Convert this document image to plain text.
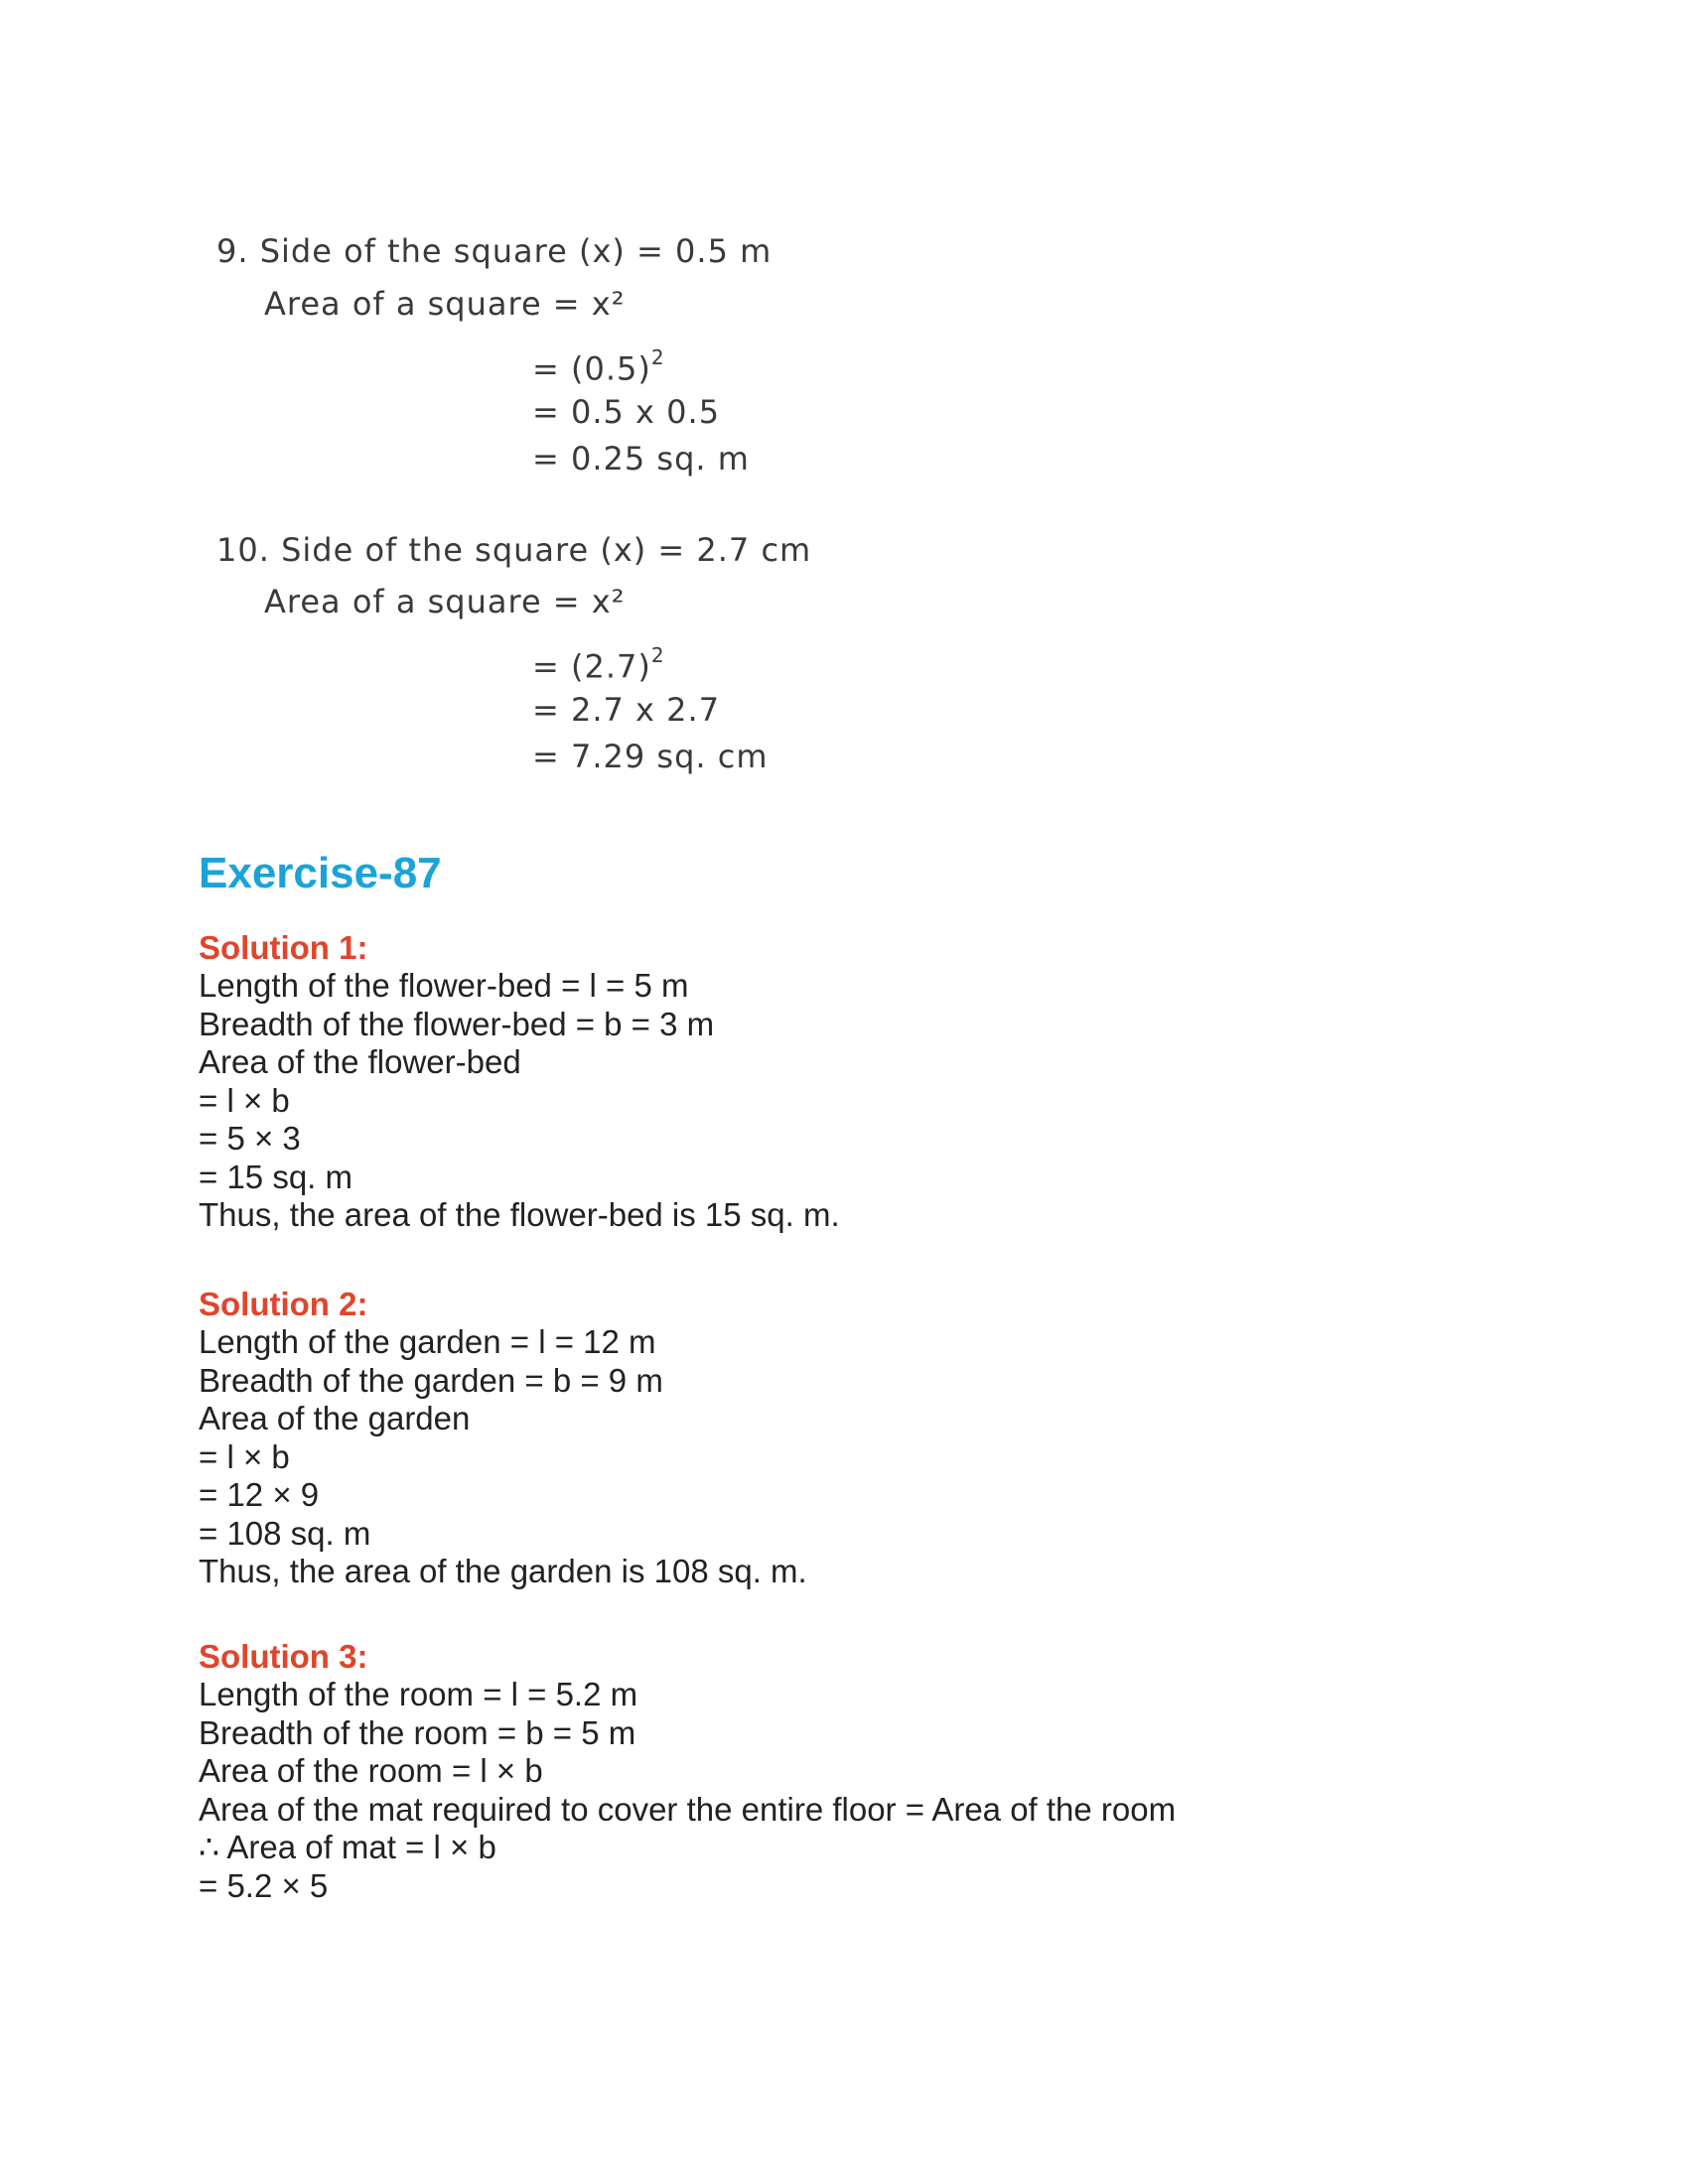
9. Side of the square (x) = 0.5 m
Area of a square = x²
= $(0.5)^2$
= 0.5 x 0.5
= 0.25 sq. m
10. Side of the square (x) = 2.7 cm
Area of a square = x²
= $(2.7)^2$
= 2.7 x 2.7
= 7.29 sq. cm
Exercise-87

Solution 1:

Length of the flower-bed = l = 5 m

Breadth of the flower-bed = b = 3 m

Area of the flower-bed

= l × b

= 5 × 3

= 15 sq. m

Thus, the area of the flower-bed is 15 sq. m.

Solution 2:

Length of the garden = l = 12 m

Breadth of the garden = b = 9 m

Area of the garden

= l × b

= 12 × 9

= 108 sq. m

Thus, the area of the garden is 108 sq. m.

Solution 3:

Length of the room = l = 5.2 m

Breadth of the room = b = 5 m

Area of the room = l × b

Area of the mat required to cover the entire floor = Area of the room

∴ Area of mat = l × b

= 5.2 × 5
